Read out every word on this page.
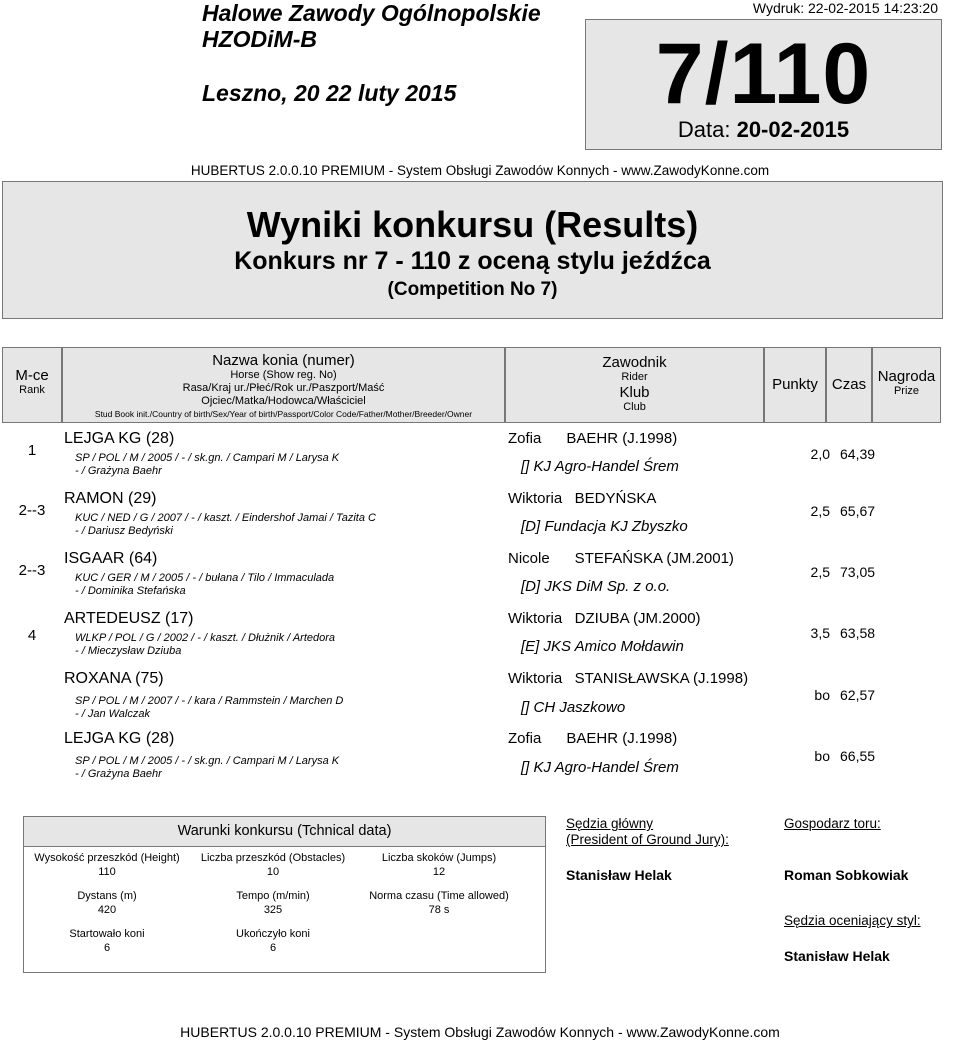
Halowe Zawody Ogólnopolskie
HZODiM-B
Leszno, 20 22 luty 2015
Wydruk: 22-02-2015 14:23:20
7/110
Data: 20-02-2015
HUBERTUS 2.0.0.10 PREMIUM - System Obsługi Zawodów Konnych - www.ZawodyKonne.com
Wyniki konkursu (Results)
Konkurs nr 7 - 110 z oceną stylu jeźdźca
(Competition No 7)
M-ce
Rank
Nazwa konia (numer)
Horse (Show reg. No)
Rasa/Kraj ur./Płeć/Rok ur./Paszport/Maść
Ojciec/Matka/Hodowca/Właściciel
Stud Book init./Country of birth/Sex/Year of birth/Passport/Color Code/Father/Mother/Breeder/Owner
Zawodnik
Rider
Klub
Club
Punkty Czas Nagroda
Prize
1
LEJGA KG (28)
SP / POL / M / 2005 / - / sk.gn. / Campari M / Larysa K
- / Grażyna Baehr
Zofia      BAEHR (J.1998)
[] KJ Agro-Handel Śrem
2,0 64,39
2--3
RAMON (29)
KUC / NED / G / 2007 / - / kaszt. / Eindershof Jamai / Tazita C
- / Dariusz Bedyński
Wiktoria   BEDYŃSKA
[D] Fundacja KJ Zbyszko
2,5 65,67
2--3
ISGAAR (64)
KUC / GER / M / 2005 / - / bułana / Tilo / Immaculada
- / Dominika Stefańska
Nicole      STEFAŃSKA (JM.2001)
[D] JKS DiM Sp. z o.o.
2,5 73,05
4
ARTEDEUSZ (17)
WLKP / POL / G / 2002 / - / kaszt. / Dłużnik / Artedora
- / Mieczysław Dziuba
Wiktoria   DZIUBA (JM.2000)
[E] JKS Amico Mołdawin
3,5 63,58
ROXANA (75)
SP / POL / M / 2007 / - / kara / Rammstein / Marchen D
- / Jan Walczak
Wiktoria   STANISŁAWSKA (J.1998)
[] CH Jaszkowo
bo 62,57
LEJGA KG (28)
SP / POL / M / 2005 / - / sk.gn. / Campari M / Larysa K
- / Grażyna Baehr
Zofia      BAEHR (J.1998)
[] KJ Agro-Handel Śrem
bo 66,55
Warunki konkursu (Tchnical data)
Wysokość przeszkód (Height)
110
Liczba przeszkód (Obstacles)
10
Liczba skoków (Jumps)
12
Dystans (m)
420
Tempo (m/min)
325
Norma czasu (Time allowed)
78 s
Startowało koni
6
Ukończyło koni
6
Sędzia główny
(President of Ground Jury):
Stanisław Helak
Gospodarz toru:
Roman Sobkowiak
Sędzia oceniający styl:
Stanisław Helak
HUBERTUS 2.0.0.10 PREMIUM - System Obsługi Zawodów Konnych - www.ZawodyKonne.com
